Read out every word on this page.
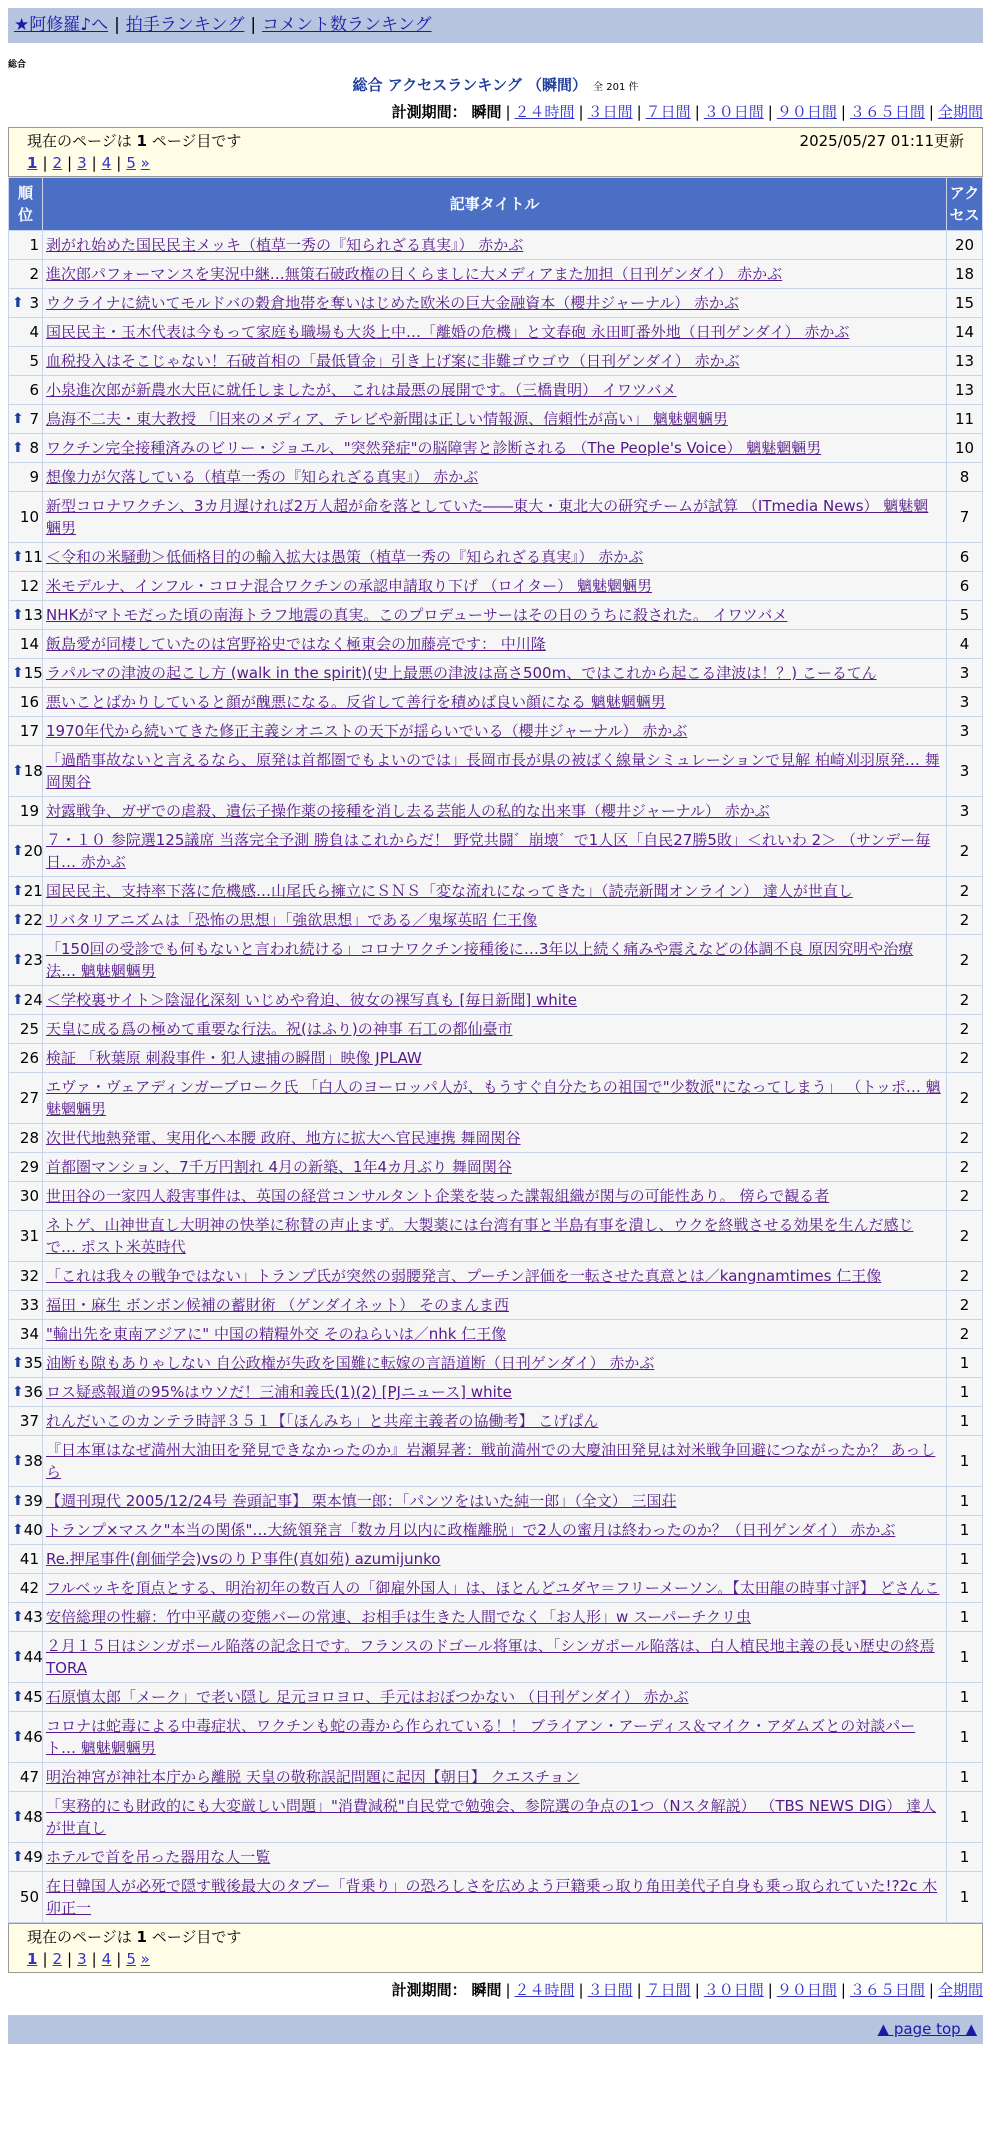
★阿修羅♪へ | 拍手ランキング | コメント数ランキング
総合
総合 アクセスランキング （瞬間） 全 201 件
計測期間： 瞬間 | ２４時間 | ３日間 | ７日間 | ３０日間 | ９０日間 | ３６５日間 | 全期間
現在のページは 1 ページ目です	2025/05/27 01:11更新
1 | 2 | 3 | 4 | 5 »
順位	記事タイトル	アクセス
1	剥がれ始めた国民民主メッキ（植草一秀の『知られざる真実』） 赤かぶ	20
2	進次郎パフォーマンスを実況中継…無策石破政権の目くらましに大メディアまた加担（日刊ゲンダイ） 赤かぶ	18

⬆ 3	ウクライナに続いてモルドバの穀倉地帯を奪いはじめた欧米の巨大金融資本（櫻井ジャーナル） 赤かぶ	15
4	国民民主・玉木代表は今もって家庭も職場も大炎上中…「離婚の危機」と文春砲 永田町番外地（日刊ゲンダイ） 赤かぶ	14
5	血税投入はそこじゃない！石破首相の「最低賃金」引き上げ案に非難ゴウゴウ（日刊ゲンダイ） 赤かぶ	13
6	小泉進次郎が新農水大臣に就任しましたが、 これは最悪の展開です。（三橋貴明） イワツバメ	13

⬆ 7	鳥海不二夫・東大教授 「旧来のメディア、テレビや新聞は正しい情報源、信頼性が高い」 魑魅魍魎男	11

⬆ 8	ワクチン完全接種済みのビリー・ジョエル、"突然発症"の脳障害と診断される （The People's Voice） 魑魅魍魎男	10
9	想像力が欠落している（植草一秀の『知られざる真実』） 赤かぶ	8
10	新型コロナワクチン、3カ月遅ければ2万人超が命を落としていた――東大・東北大の研究チームが試算 （ITmedia News） 魑魅魍魎男	7

⬆ 11	＜令和の米騒動＞低価格目的の輸入拡大は愚策（植草一秀の『知られざる真実』） 赤かぶ	6
12	米モデルナ、インフル・コロナ混合ワクチンの承認申請取り下げ （ロイター） 魑魅魍魎男	6

⬆ 13	NHKがマトモだった頃の南海トラフ地震の真実。このプロデューサーはその日のうちに殺された。 イワツバメ	5
14	飯島愛が同棲していたのは宮野裕史ではなく極東会の加藤亮です： 中川隆	4

⬆ 15	ラパルマの津波の起こし方 (walk in the spirit)(史上最悪の津波は高さ500m、ではこれから起こる津波は！？) こーるてん	3
16	悪いことばかりしていると顔が醜悪になる。反省して善行を積めば良い顔になる 魑魅魍魎男	3
17	1970年代から続いてきた修正主義シオニストの天下が揺らいでいる（櫻井ジャーナル） 赤かぶ	3

⬆ 18	「過酷事故ないと言えるなら、原発は首都圏でもよいのでは」長岡市長が県の被ばく線量シミュレーションで見解 柏崎刈羽原発… 舞岡関谷	3
19	対露戦争、ガザでの虐殺、遺伝子操作薬の接種を消し去る芸能人の私的な出来事（櫻井ジャーナル） 赤かぶ	3

⬆ 20	７・１０ 参院選125議席 当落完全予測 勝負はこれからだ！ 野党共闘゛崩壊゛で1人区「自民27勝5敗」＜れいわ 2＞ （サンデー毎日… 赤かぶ	2

⬆ 21	国民民主、支持率下落に危機感…山尾氏ら擁立にＳＮＳ「変な流れになってきた」（読売新聞オンライン） 達人が世直し	2

⬆ 22	リバタリアニズムは「恐怖の思想」「強欲思想」である／鬼塚英昭 仁王像	2

⬆ 23	「150回の受診でも何もないと言われ続ける」コロナワクチン接種後に…3年以上続く痛みや震えなどの体調不良 原因究明や治療法… 魑魅魍魎男	2

⬆ 24	＜学校裏サイト＞陰湿化深刻 いじめや脅迫、彼女の裸写真も [毎日新聞] white	2
25	天皇に成る爲の極めて重要な行法。祝(はふり)の神事 石工の都仙臺市	2
26	検証 「秋葉原 刺殺事件・犯人逮捕の瞬間」映像 JPLAW	2
27	エヴァ・ヴェアディンガーブローク氏 「白人のヨーロッパ人が、もうすぐ自分たちの祖国で"少数派"になってしまう」 （トッポ… 魑魅魍魎男	2
28	次世代地熱発電、実用化へ本腰 政府、地方に拡大へ官民連携 舞岡関谷	2
29	首都圏マンション、7千万円割れ 4月の新築、1年4カ月ぶり 舞岡関谷	2
30	世田谷の一家四人殺害事件は、英国の経営コンサルタント企業を装った諜報組織が関与の可能性あり。 傍らで観る者	2
31	ネトゲ、山神世直し大明神の快挙に称賛の声止まず。大製薬には台湾有事と半島有事を潰し、ウクを終戦させる効果を生んだ感じで… ポスト米英時代	2
32	「これは我々の戦争ではない」トランプ氏が突然の弱腰発言、プーチン評価を一転させた真意とは／kangnamtimes 仁王像	2
33	福田・麻生 ボンボン候補の蓄財術 （ゲンダイネット） そのまんま西	2
34	"輸出先を東南アジアに" 中国の精糧外交 そのねらいは／nhk 仁王像	2

⬆ 35	油断も隙もありゃしない 自公政権が失政を国難に転嫁の言語道断（日刊ゲンダイ） 赤かぶ	1

⬆ 36	ロス疑惑報道の95%はウソだ！三浦和義氏(1)(2) [PJニュース] white	1
37	れんだいこのカンテラ時評３５１【「ほんみち」と共産主義者の協働考】 こげぱん	1

⬆ 38	『日本軍はなぜ満州大油田を発見できなかったのか』岩瀬昇著：戦前満州での大慶油田発見は対米戦争回避につながったか？ あっしら	1

⬆ 39	【週刊現代 2005/12/24号 巻頭記事】 栗本慎一郎：「パンツをはいた純一郎」（全文） 三国荘	1

⬆ 40	トランプ×マスク"本当の関係"…大統領発言「数カ月以内に政権離脱」で2人の蜜月は終わったのか？（日刊ゲンダイ） 赤かぶ	1
41	Re.押尾事件(創価学会)vsのりＰ事件(真如苑) azumijunko	1
42	フルベッキを頂点とする、明治初年の数百人の「御雇外国人」は、ほとんどユダヤ＝フリーメーソン。【太田龍の時事寸評】 どさんこ	1

⬆ 43	安倍総理の性癖：竹中平蔵の変態バーの常連、お相手は生きた人間でなく「お人形」w スーパーチクリ虫	1

⬆ 44	２月１５日はシンガポール陥落の記念日です。フランスのドゴール将軍は、「シンガポール陥落は、白人植民地主義の長い歴史の終焉 TORA	1

⬆ 45	石原慎太郎「メーク」で老い隠し 足元ヨロヨロ、手元はおぼつかない （日刊ゲンダイ） 赤かぶ	1

⬆ 46	コロナは蛇毒による中毒症状、ワクチンも蛇の毒から作られている！！ ブライアン・アーディス＆マイク・アダムズとの対談パート… 魑魅魍魎男	1
47	明治神宮が神社本庁から離脱 天皇の敬称誤記問題に起因【朝日】 クエスチョン	1

⬆ 48	「実務的にも財政的にも大変厳しい問題」"消費減税"自民党で勉強会、参院選の争点の1つ（Nスタ解説） （TBS NEWS DIG） 達人が世直し	1

⬆ 49	ホテルで首を吊った器用な人一覧	1
50	在日韓国人が必死で隠す戦後最大のタブー「背乗り」の恐ろしさを広めよう戸籍乗っ取り角田美代子自身も乗っ取られていた!?2c 木卯正一	1
現在のページは 1 ページ目です
1 | 2 | 3 | 4 | 5 »
計測期間： 瞬間 | ２４時間 | ３日間 | ７日間 | ３０日間 | ９０日間 | ３６５日間 | 全期間
▲ page top ▲
